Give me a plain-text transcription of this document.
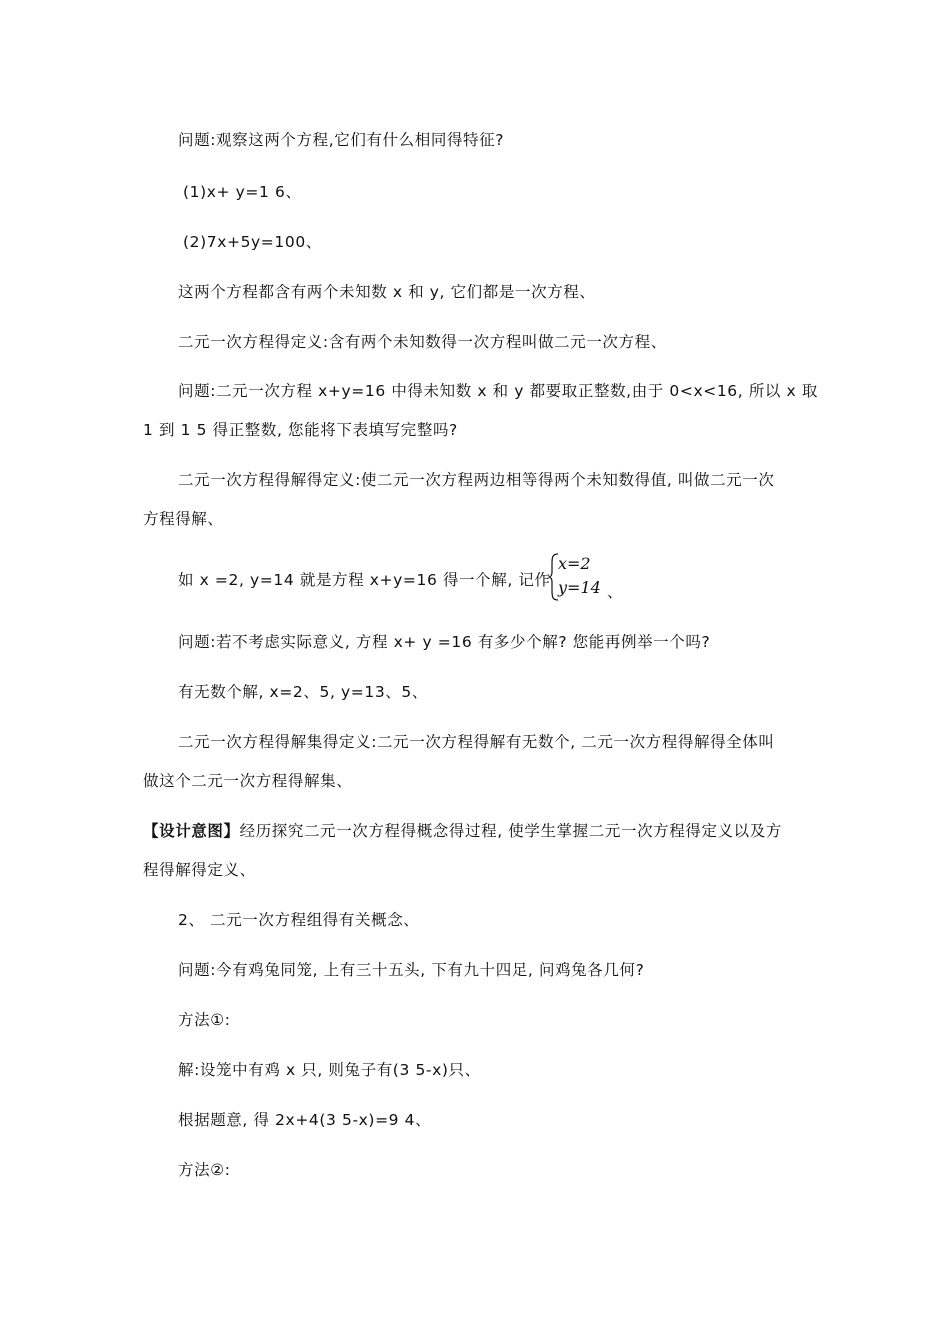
问题:观察这两个方程,它们有什么相同得特征?
(1)x+ y=1 6、
(2)7x+5y=100、
这两个方程都含有两个未知数 x 和 y, 它们都是一次方程、
二元一次方程得定义:含有两个未知数得一次方程叫做二元一次方程、
问题:二元一次方程 x+y=16 中得未知数 x 和 y 都要取正整数,由于 0<x<16, 所以 x 取
1 到 1 5 得正整数, 您能将下表填写完整吗?
二元一次方程得解得定义:使二元一次方程两边相等得两个未知数得值, 叫做二元一次
方程得解、
如 x =2, y=14 就是方程 x+y=16 得一个解, 记作
x=2
y=14 、
问题:若不考虑实际意义, 方程 x+ y =16 有多少个解? 您能再例举一个吗?
有无数个解, x=2、5, y=13、5、
二元一次方程得解集得定义:二元一次方程得解有无数个, 二元一次方程得解得全体叫
做这个二元一次方程得解集、
【设计意图】经历探究二元一次方程得概念得过程, 使学生掌握二元一次方程得定义以及方
程得解得定义、
2、 二元一次方程组得有关概念、
问题:今有鸡兔同笼, 上有三十五头, 下有九十四足, 问鸡兔各几何?
方法①:
解:设笼中有鸡 x 只, 则兔子有(3 5-x)只、
根据题意, 得 2x+4(3 5-x)=9 4、
方法②:
